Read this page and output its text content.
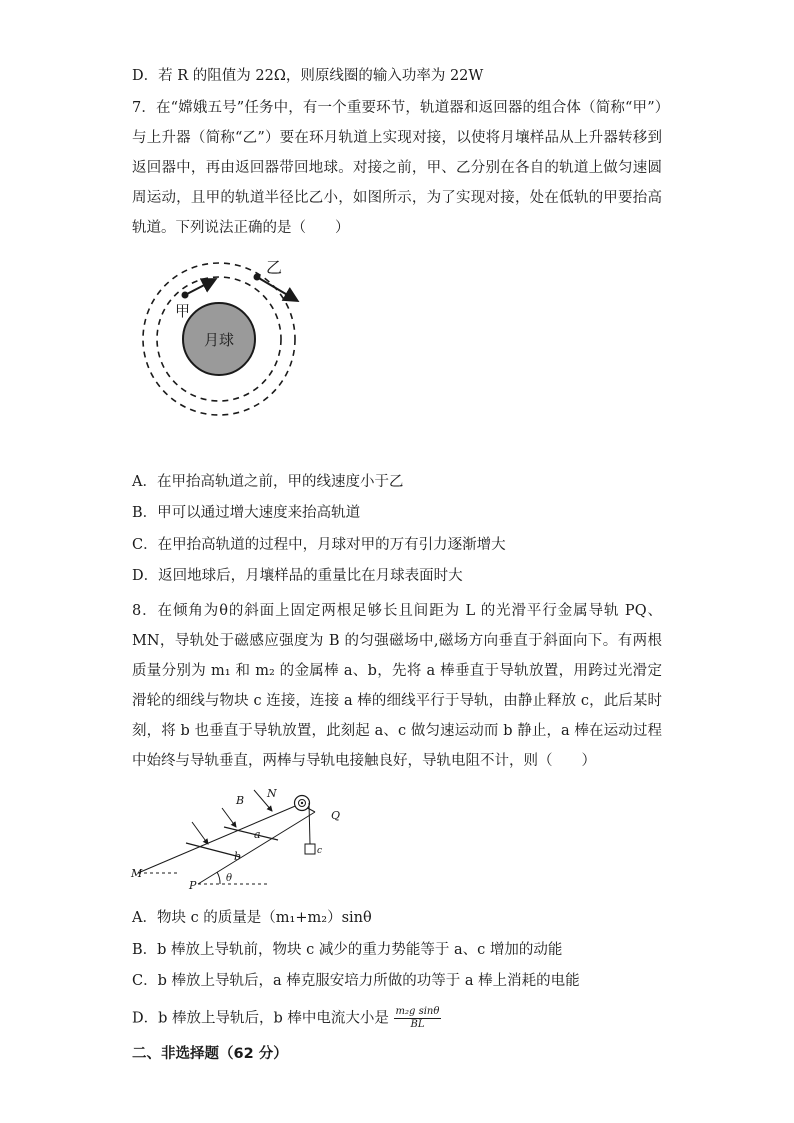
D．若 R 的阻值为 22Ω，则原线圈的输入功率为 22W
7．在“嫦娥五号”任务中，有一个重要环节，轨道器和返回器的组合体（简称“甲”）与上升器（简称“乙”）要在环月轨道上实现对接，以使将月壤样品从上升器转移到返回器中，再由返回器带回地球。对接之前，甲、乙分别在各自的轨道上做匀速圆周运动，且甲的轨道半径比乙小，如图所示，为了实现对接，处在低轨的甲要抬高轨道。下列说法正确的是（　　）
月球
甲
乙
A．在甲抬高轨道之前，甲的线速度小于乙
B．甲可以通过增大速度来抬高轨道
C．在甲抬高轨道的过程中，月球对甲的万有引力逐渐增大
D．返回地球后，月壤样品的重量比在月球表面时大
8．在倾角为θ的斜面上固定两根足够长且间距为 L 的光滑平行金属导轨 PQ、MN，导轨处于磁感应强度为 B 的匀强磁场中,磁场方向垂直于斜面向下。有两根质量分别为 m₁ 和 m₂ 的金属棒 a、b，先将 a 棒垂直于导轨放置，用跨过光滑定滑轮的细线与物块 c 连接，连接 a 棒的细线平行于导轨，由静止释放 c，此后某时刻，将 b 也垂直于导轨放置，此刻起 a、c 做匀速运动而 b 静止，a 棒在运动过程中始终与导轨垂直，两棒与导轨电接触良好，导轨电阻不计，则（　　）
B
N
Q
a
b	c
M
P
θ
A．物块 c 的质量是（m₁+m₂）sinθ
B．b 棒放上导轨前，物块 c 减少的重力势能等于 a、c 增加的动能
C．b 棒放上导轨后，a 棒克服安培力所做的功等于 a 棒上消耗的电能
D．b 棒放上导轨后，b 棒中电流大小是 $\frac{\text{m₂g sinθ}}{BL}$
二、非选择题（62 分）
